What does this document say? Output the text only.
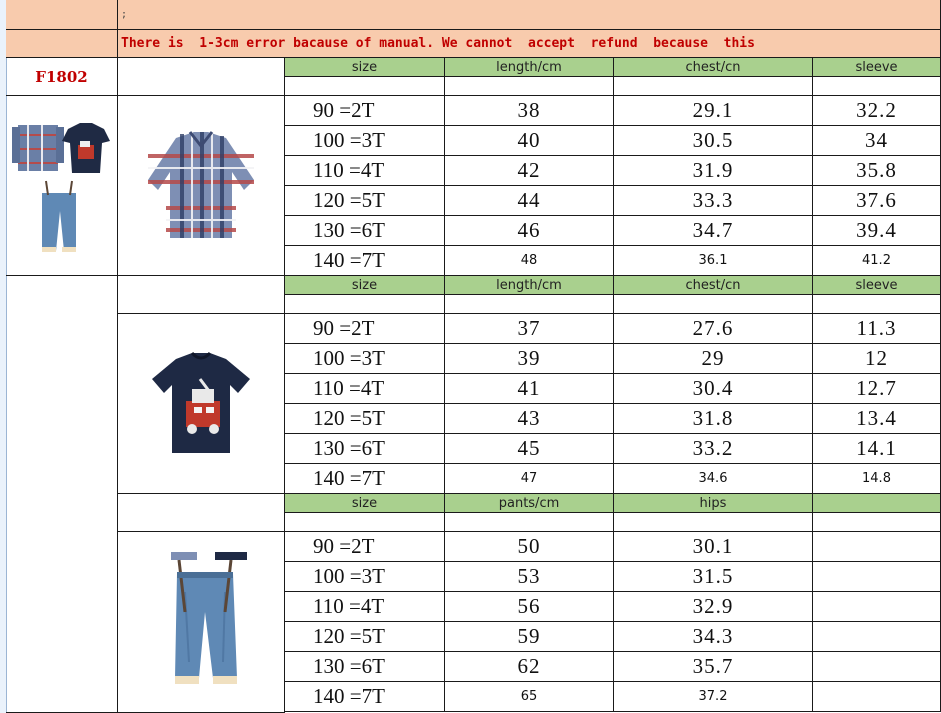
;
There is  1-3cm error bacause of manual. We cannot  accept  refund  because  this
F1802
size	length/cm	chest/cn	sleeve
90 =2T	38	29.1	32.2
100 =3T	40	30.5	34
110 =4T	42	31.9	35.8
120 =5T	44	33.3	37.6
130 =6T	46	34.7	39.4
140 =7T	48	36.1	41.2
size	length/cm	chest/cn	sleeve
90 =2T	37	27.6	11.3
100 =3T	39	29	12
110 =4T	41	30.4	12.7
120 =5T	43	31.8	13.4
130 =6T	45	33.2	14.1
140 =7T	47	34.6	14.8
size	pants/cm	hips
90 =2T	50	30.1
100 =3T	53	31.5
110 =4T	56	32.9
120 =5T	59	34.3
130 =6T	62	35.7
140 =7T	65	37.2
